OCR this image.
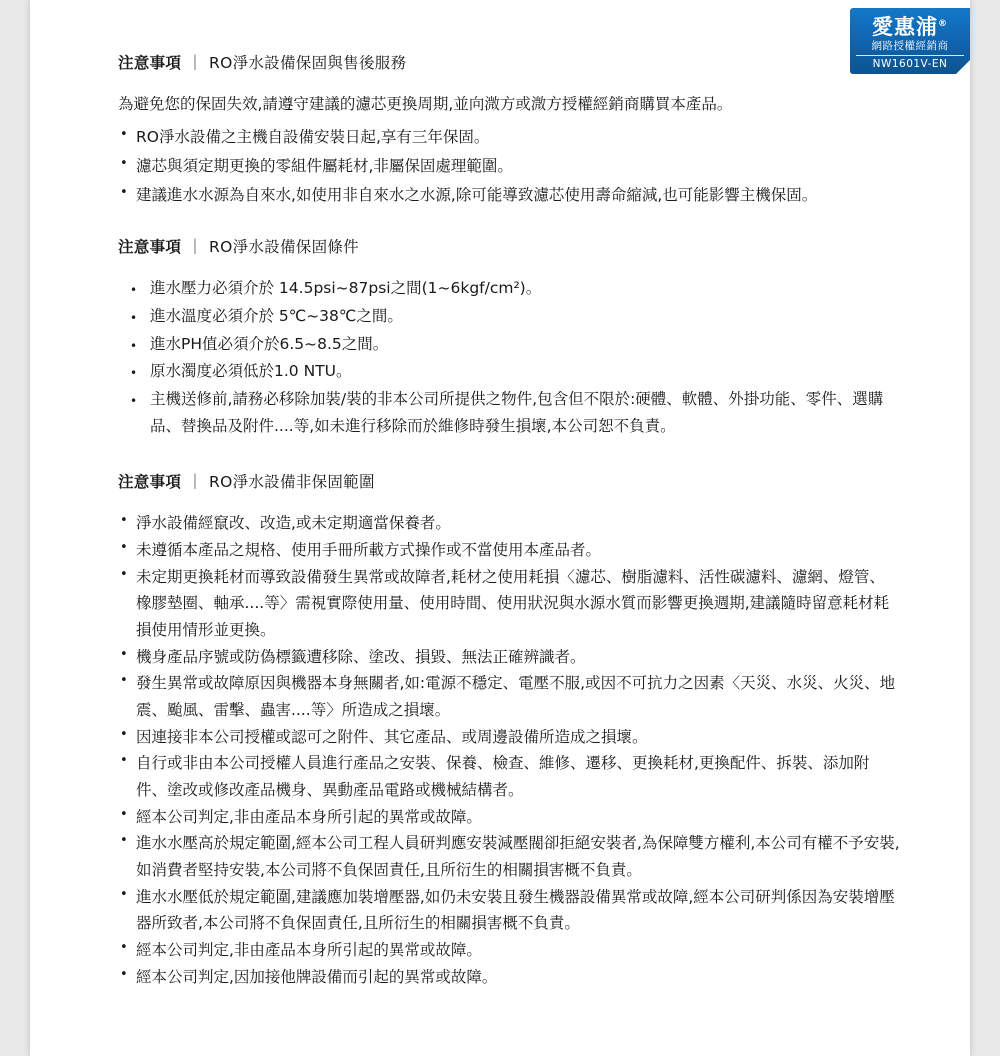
愛惠浦®
網路授權經銷商
NW1601V-EN
注意事項 ｜ RO淨水設備保固與售後服務

為避免您的保固失效,請遵守建議的濾芯更換周期,並向溦方或溦方授權經銷商購買本產品。

• RO淨水設備之主機自設備安裝日起,享有三年保固。
• 濾芯與須定期更換的零組件屬耗材,非屬保固處理範圍。
• 建議進水水源為自來水,如使用非自來水之水源,除可能導致濾芯使用壽命縮減,也可能影響主機保固。
注意事項 ｜ RO淨水設備保固條件
• 進水壓力必須介於 14.5psi~87psi之間(1~6kgf/cm²)。
• 進水溫度必須介於 5℃~38℃之間。
• 進水PH值必須介於6.5~8.5之間。
• 原水濁度必須低於1.0 NTU。
• 主機送修前,請務必移除加裝/裝的非本公司所提供之物件,包含但不限於:硬體、軟體、外掛功能、零件、選購品、替換品及附件....等,如未進行移除而於維修時發生損壞,本公司恕不負責。
注意事項 ｜ RO淨水設備非保固範圍
• 淨水設備經竄改、改造,或未定期適當保養者。
• 未遵循本產品之規格、使用手冊所載方式操作或不當使用本產品者。
• 未定期更換耗材而導致設備發生異常或故障者,耗材之使用耗損〈濾芯、樹脂濾料、活性碳濾料、濾網、燈管、橡膠墊圈、軸承....等〉需視實際使用量、使用時間、使用狀況與水源水質而影響更換週期,建議隨時留意耗材耗損使用情形並更換。
• 機身產品序號或防偽標籤遭移除、塗改、損毀、無法正確辨識者。
• 發生異常或故障原因與機器本身無關者,如:電源不穩定、電壓不服,或因不可抗力之因素〈天災、水災、火災、地震、颱風、雷擊、蟲害....等〉所造成之損壞。
• 因連接非本公司授權或認可之附件、其它產品、或周邊設備所造成之損壞。
• 自行或非由本公司授權人員進行產品之安裝、保養、檢查、維修、遷移、更換耗材,更換配件、拆裝、添加附件、塗改或修改產品機身、異動產品電路或機械結構者。
• 經本公司判定,非由產品本身所引起的異常或故障。
• 進水水壓高於規定範圍,經本公司工程人員研判應安裝減壓閥卻拒絕安裝者,為保障雙方權利,本公司有權不予安裝,如消費者堅持安裝,本公司將不負保固責任,且所衍生的相關損害概不負責。
• 進水水壓低於規定範圍,建議應加裝增壓器,如仍未安裝且發生機器設備異常或故障,經本公司研判係因為安裝增壓器所致者,本公司將不負保固責任,且所衍生的相關損害概不負責。
• 經本公司判定,非由產品本身所引起的異常或故障。
• 經本公司判定,因加接他牌設備而引起的異常或故障。
